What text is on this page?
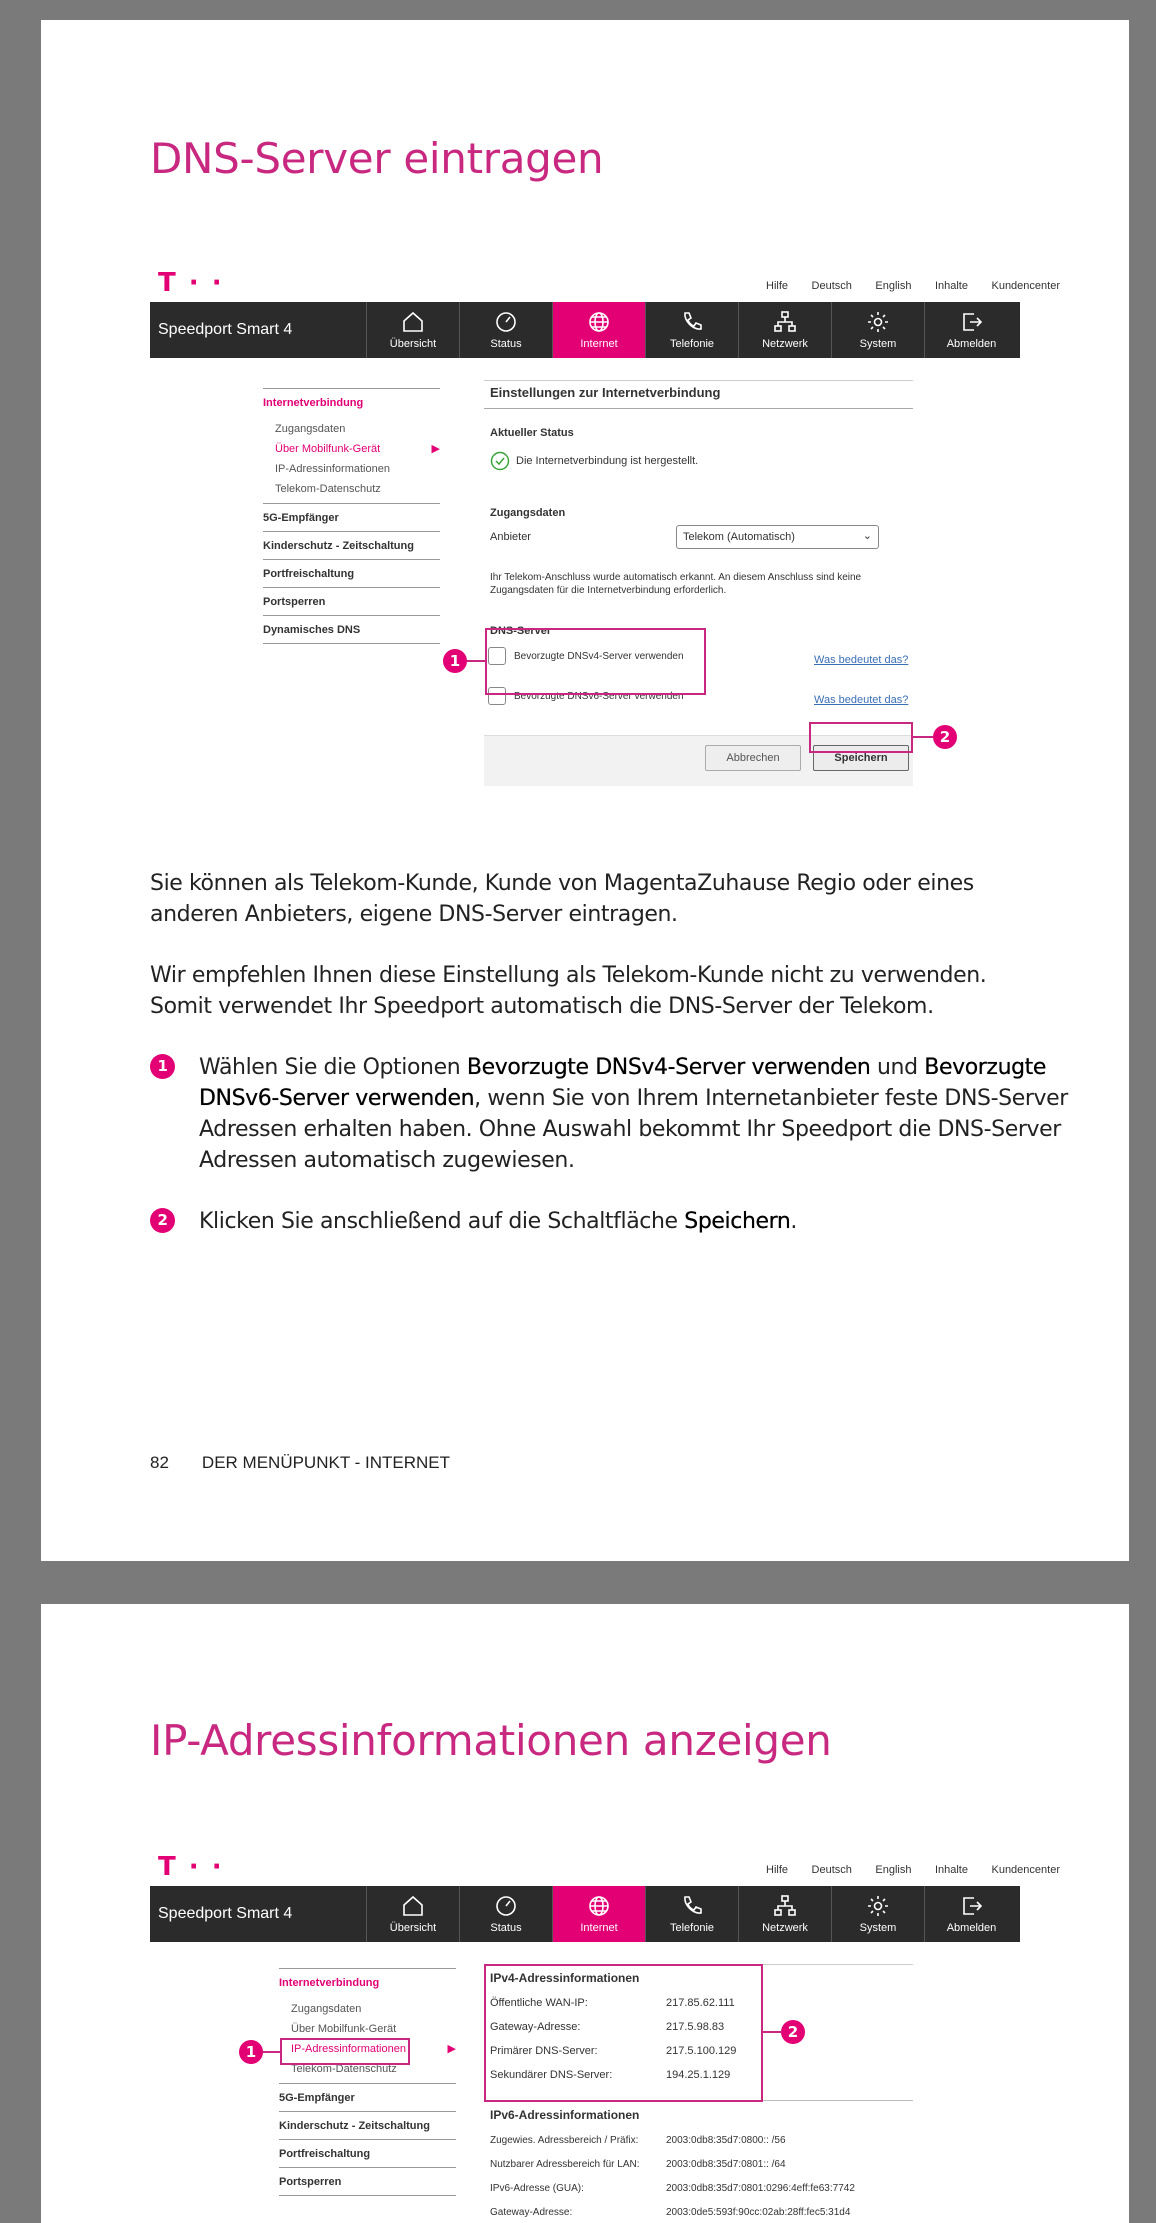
DNS-Server eintragen
T · ·	Hilfe Deutsch English Inhalte Kundencenter
Speedport Smart 4
Übersicht	Status	Internet	Telefonie	Netzwerk	System	Abmelden
Internetverbindung
Zugangsdaten
Über Mobilfunk-Gerät	▶
IP-Adressinformationen
Telekom-Datenschutz
5G-Empfänger
Kinderschutz - Zeitschaltung
Portfreischaltung
Portsperren
Dynamisches DNS
Einstellungen zur Internetverbindung
Aktueller Status
Die Internetverbindung ist hergestellt.
Zugangsdaten
Anbieter	Telekom (Automatisch)	⌄
Ihr Telekom-Anschluss wurde automatisch erkannt. An diesem Anschluss sind keine Zugangsdaten für die Internetverbindung erforderlich.
DNS-Server
Bevorzugte DNSv4-Server verwenden	Was bedeutet das?
Bevorzugte DNSv6-Server verwenden	Was bedeutet das?
Abbrechen	Speichern
1
2
Sie können als Telekom-Kunde, Kunde von MagentaZuhause Regio oder eines anderen Anbieters, eigene DNS-Server eintragen.
Wir empfehlen Ihnen diese Einstellung als Telekom-Kunde nicht zu verwenden. Somit verwendet Ihr Speedport automatisch die DNS-Server der Telekom.
1	Wählen Sie die Optionen Bevorzugte DNSv4-Server verwenden und Bevorzugte DNSv6-Server verwenden, wenn Sie von Ihrem Internetanbieter feste DNS-Server Adressen erhalten haben. Ohne Auswahl bekommt Ihr Speedport die DNS-Server Adressen automatisch zugewiesen.
2	Klicken Sie anschließend auf die Schaltfläche Speichern.
82 DER MENÜPUNKT - INTERNET
IP-Adressinformationen anzeigen
T · ·	Hilfe Deutsch English Inhalte Kundencenter
Speedport Smart 4
Übersicht	Status	Internet	Telefonie	Netzwerk	System	Abmelden
Internetverbindung
Zugangsdaten
Über Mobilfunk-Gerät
IP-Adressinformationen	▶
Telekom-Datenschutz
5G-Empfänger
Kinderschutz - Zeitschaltung
Portfreischaltung
Portsperren
IPv4-Adressinformationen
Öffentliche WAN-IP:	217.85.62.111
Gateway-Adresse:	217.5.98.83
Primärer DNS-Server:	217.5.100.129
Sekundärer DNS-Server:	194.25.1.129
IPv6-Adressinformationen
Zugewies. Adressbereich / Präfix:	2003:0db8:35d7:0800:: /56
Nutzbarer Adressbereich für LAN:	2003:0db8:35d7:0801:: /64
IPv6-Adresse (GUA):	2003:0db8:35d7:0801:0296:4eff:fe63:7742
Gateway-Adresse:	2003:0de5:593f:90cc:02ab:28ff:fec5:31d4
1
2
